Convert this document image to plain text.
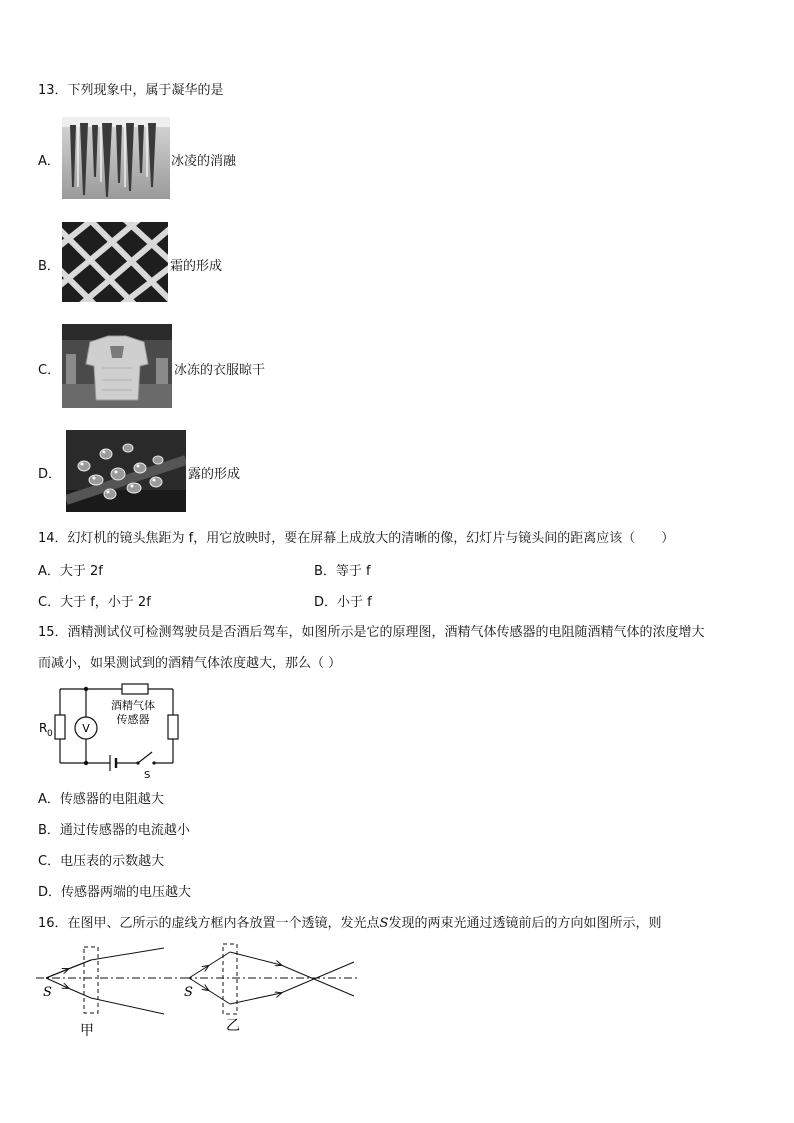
13．下列现象中，属于凝华的是
A．	冰凌的消融
B．	霜的形成
C．	冰冻的衣服晾干
D．	露的形成
14．幻灯机的镜头焦距为 f，用它放映时，要在屏幕上成放大的清晰的像，幻灯片与镜头间的距离应该（　　）
A．大于 2f	B．等于 f
C．大于 f，小于 2f	D．小于 f
15．酒精测试仪可检测驾驶员是否酒后驾车，如图所示是它的原理图，酒精气体传感器的电阻随酒精气体的浓度增大
而减小，如果测试到的酒精气体浓度越大，那么（ ）
V
R 0
酒精气体
传感器
S
A．传感器的电阻越大
B．通过传感器的电流越小
C．电压表的示数越大
D．传感器两端的电压越大
16．在图甲、乙所示的虚线方框内各放置一个透镜，发光点S发现的两束光通过透镜前后的方向如图所示，则
S
甲
S
乙
